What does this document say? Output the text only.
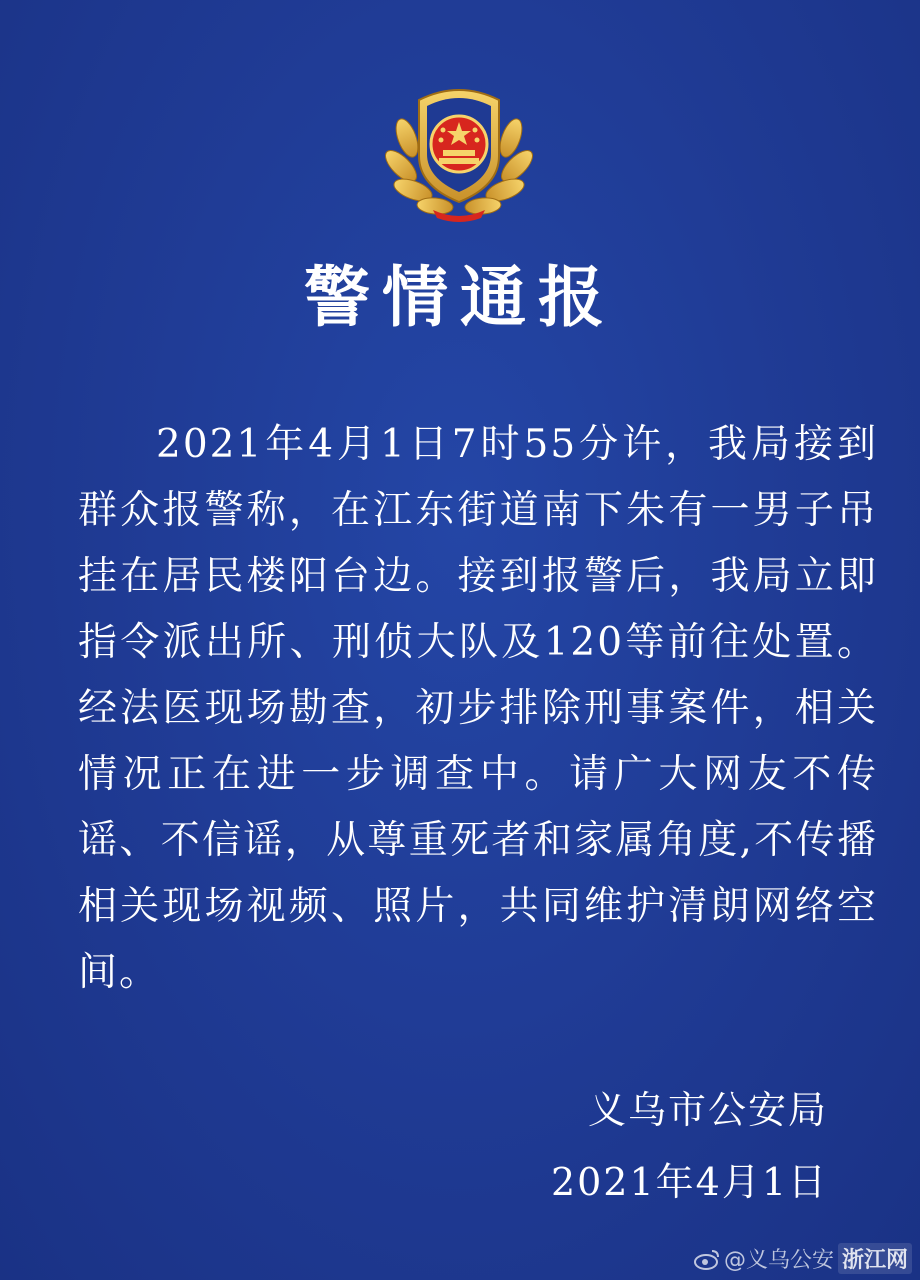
警情通报

2021年4月1日7时55分许，我局接到群众报警称，在江东街道南下朱有一男子吊挂在居民楼阳台边。接到报警后，我局立即指令派出所、刑侦大队及120等前往处置。经法医现场勘查，初步排除刑事案件，相关情况正在进一步调查中。请广大网友不传谣、不信谣，从尊重死者和家属角度,不传播相关现场视频、照片，共同维护清朗网络空间。

义乌市公安局
2021年4月1日
@义乌公安 浙江网
